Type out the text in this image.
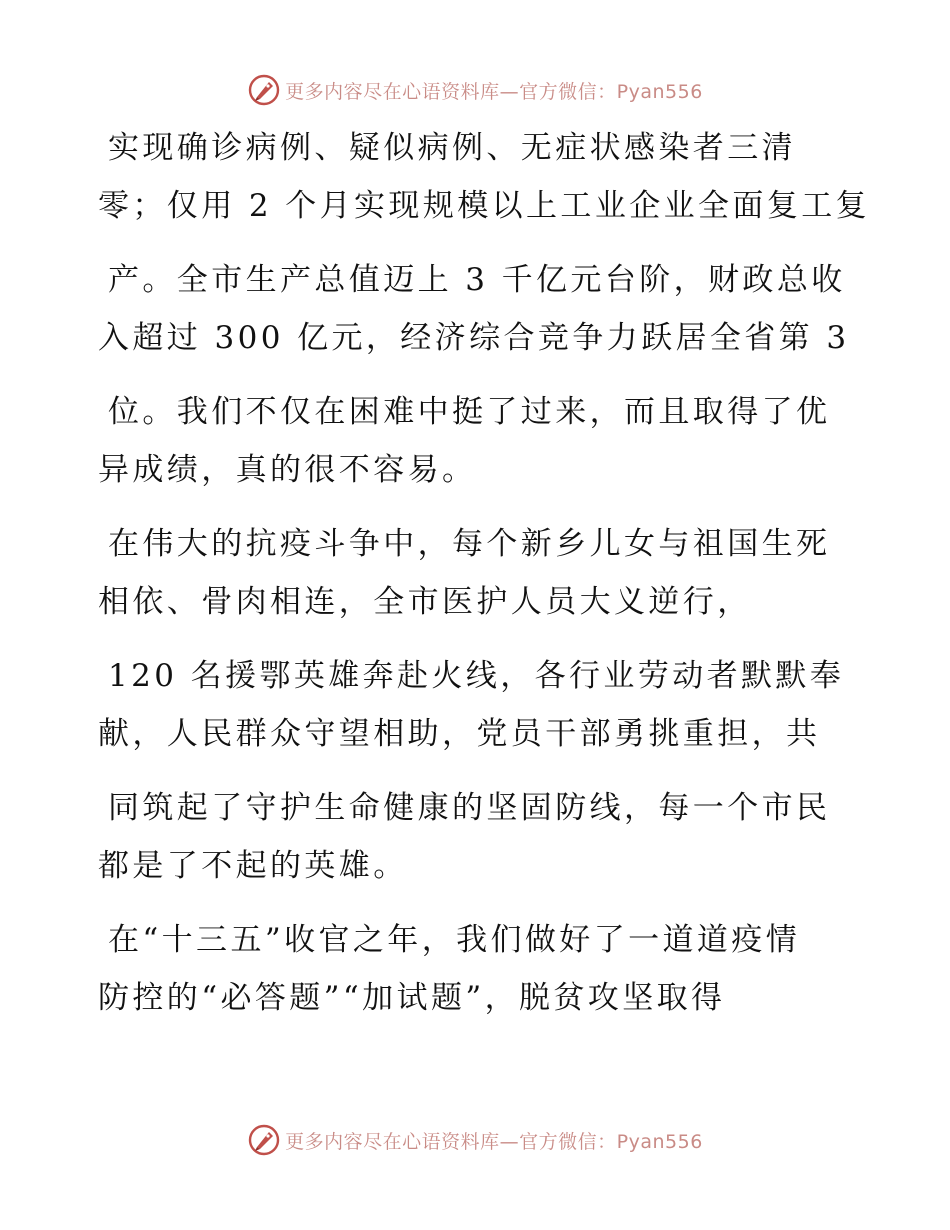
更多内容尽在心语资料库—官方微信：Pyan556
实现确诊病例、疑似病例、无症状感染者三清
零；仅用 2 个月实现规模以上工业企业全面复工复
产。全市生产总值迈上 3 千亿元台阶，财政总收
入超过 300 亿元，经济综合竞争力跃居全省第 3
位。我们不仅在困难中挺了过来，而且取得了优
异成绩，真的很不容易。
在伟大的抗疫斗争中，每个新乡儿女与祖国生死
相依、骨肉相连，全市医护人员大义逆行，
120 名援鄂英雄奔赴火线，各行业劳动者默默奉
献，人民群众守望相助，党员干部勇挑重担，共
同筑起了守护生命健康的坚固防线，每一个市民
都是了不起的英雄。
在“十三五”收官之年，我们做好了一道道疫情
防控的“必答题”“加试题”，脱贫攻坚取得
更多内容尽在心语资料库—官方微信：Pyan556
